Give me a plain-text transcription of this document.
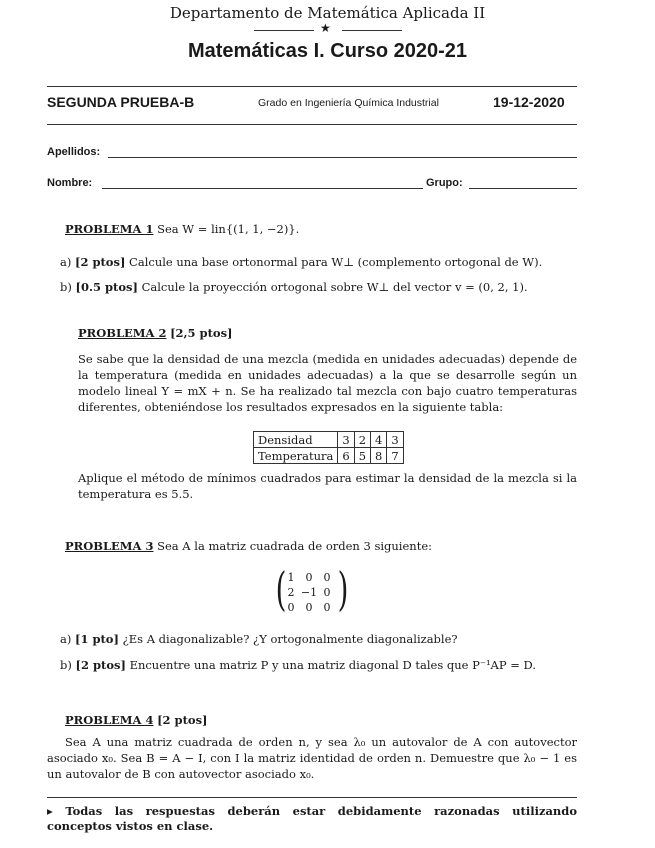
Departamento de Matemática Aplicada II
★
Matemáticas I. Curso 2020-21
SEGUNDA PRUEBA-B	Grado en Ingeniería Química Industrial	19-12-2020
Apellidos:
Nombre:	Grupo:
PROBLEMA 1 Sea W = lin{(1, 1, −2)}.
a) [2 ptos] Calcule una base ortonormal para W⊥ (complemento ortogonal de W).
b) [0.5 ptos] Calcule la proyección ortogonal sobre W⊥ del vector v = (0, 2, 1).
PROBLEMA 2 [2,5 ptos]
Se sabe que la densidad de una mezcla (medida en unidades adecuadas) depende de la temperatura (medida en unidades adecuadas) a la que se desarrolle según un modelo lineal Y = mX + n. Se ha realizado tal mezcla con bajo cuatro temperaturas diferentes, obteniéndose los resultados expresados en la siguiente tabla:
Densidad	3	2	4	3
Temperatura	6	5	8	7
Aplique el método de mínimos cuadrados para estimar la densidad de la mezcla si la temperatura es 5.5.
PROBLEMA 3 Sea A la matriz cuadrada de orden 3 siguiente:
( 1	0	0
2	−1	0
0	0	0 )
a) [1 pto] ¿Es A diagonalizable? ¿Y ortogonalmente diagonalizable?
b) [2 ptos] Encuentre una matriz P y una matriz diagonal D tales que P⁻¹AP = D.
PROBLEMA 4 [2 ptos]
Sea A una matriz cuadrada de orden n, y sea λ₀ un autovalor de A con autovector asociado x₀. Sea B = A − I, con I la matriz identidad de orden n. Demuestre que λ₀ − 1 es un autovalor de B con autovector asociado x₀.
▸ Todas las respuestas deberán estar debidamente razonadas utilizando conceptos vistos en clase.
